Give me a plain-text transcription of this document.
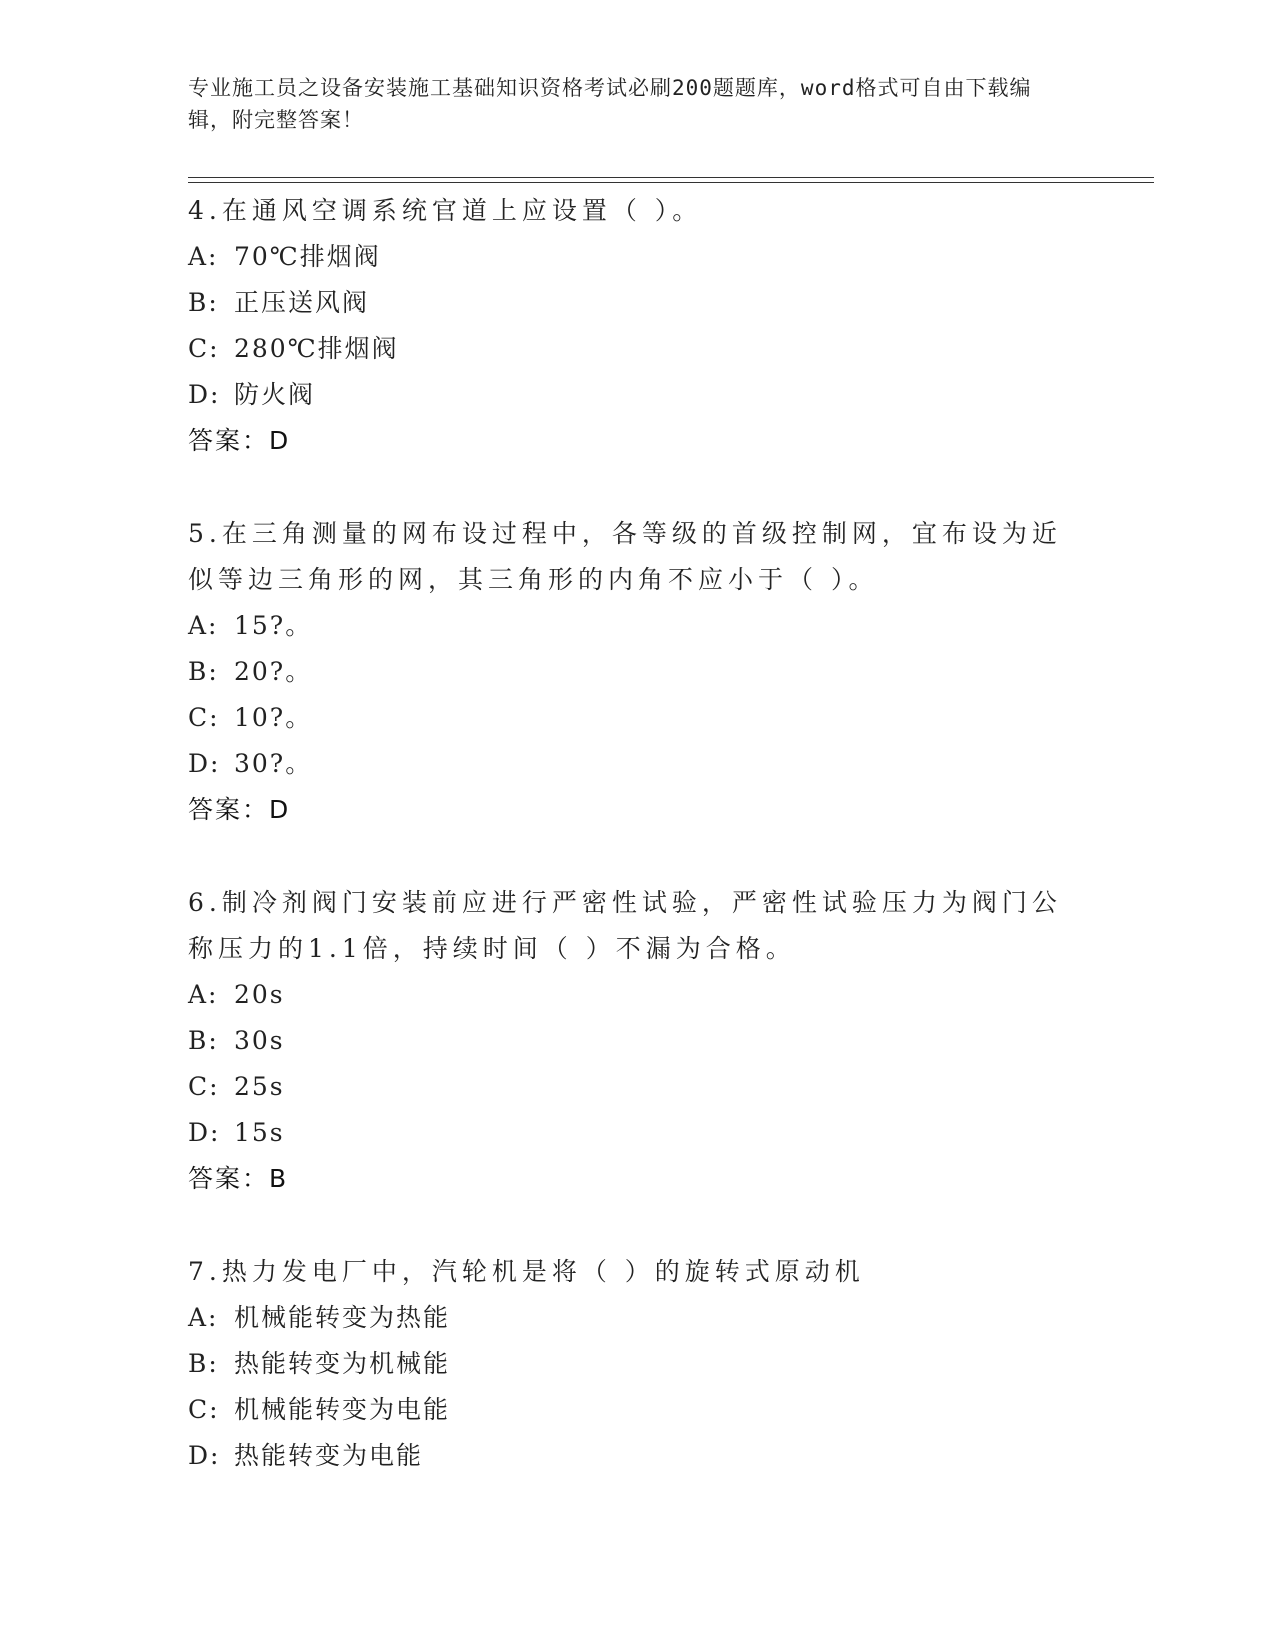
专业施工员之设备安装施工基础知识资格考试必刷200题题库，word格式可自由下载编辑，附完整答案！
4.在通风空调系统官道上应设置（ ）。
A: 70℃排烟阀
B: 正压送风阀
C: 280℃排烟阀
D: 防火阀
答案：D
5.在三角测量的网布设过程中，各等级的首级控制网，宜布设为近似等边三角形的网，其三角形的内角不应小于（ ）。
A: 15?。
B: 20?。
C: 10?。
D: 30?。
答案：D
6.制冷剂阀门安装前应进行严密性试验，严密性试验压力为阀门公称压力的1.1倍，持续时间（ ）不漏为合格。
A: 20s
B: 30s
C: 25s
D: 15s
答案：B
7.热力发电厂中，汽轮机是将（ ）的旋转式原动机
A: 机械能转变为热能
B: 热能转变为机械能
C: 机械能转变为电能
D: 热能转变为电能
